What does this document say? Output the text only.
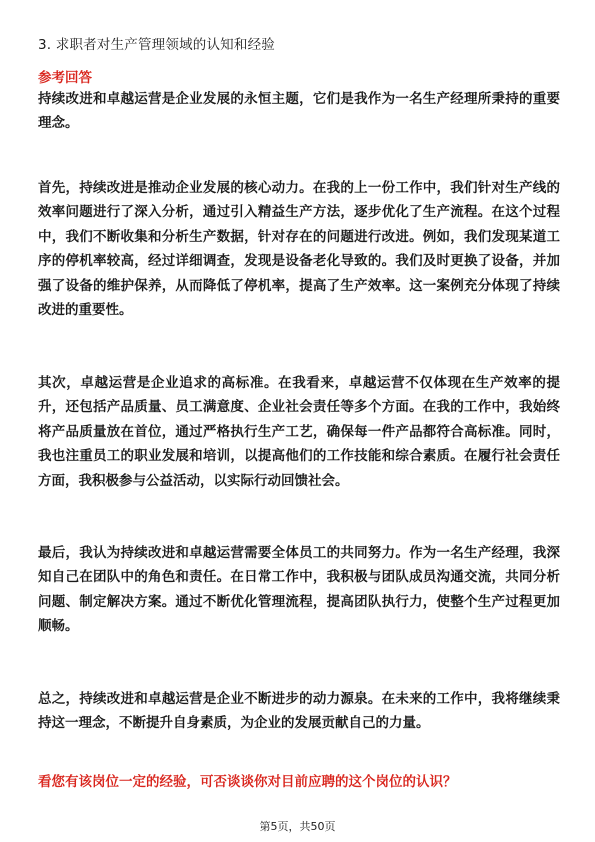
3. 求职者对生产管理领域的认知和经验
参考回答

持续改进和卓越运营是企业发展的永恒主题，它们是我作为一名生产经理所秉持的重要理念。

首先，持续改进是推动企业发展的核心动力。在我的上一份工作中，我们针对生产线的效率问题进行了深入分析，通过引入精益生产方法，逐步优化了生产流程。在这个过程中，我们不断收集和分析生产数据，针对存在的问题进行改进。例如，我们发现某道工序的停机率较高，经过详细调查，发现是设备老化导致的。我们及时更换了设备，并加强了设备的维护保养，从而降低了停机率，提高了生产效率。这一案例充分体现了持续改进的重要性。

其次，卓越运营是企业追求的高标准。在我看来，卓越运营不仅体现在生产效率的提升，还包括产品质量、员工满意度、企业社会责任等多个方面。在我的工作中，我始终将产品质量放在首位，通过严格执行生产工艺，确保每一件产品都符合高标准。同时，我也注重员工的职业发展和培训，以提高他们的工作技能和综合素质。在履行社会责任方面，我积极参与公益活动，以实际行动回馈社会。

最后，我认为持续改进和卓越运营需要全体员工的共同努力。作为一名生产经理，我深知自己在团队中的角色和责任。在日常工作中，我积极与团队成员沟通交流，共同分析问题、制定解决方案。通过不断优化管理流程，提高团队执行力，使整个生产过程更加顺畅。

总之，持续改进和卓越运营是企业不断进步的动力源泉。在未来的工作中，我将继续秉持这一理念，不断提升自身素质，为企业的发展贡献自己的力量。

看您有该岗位一定的经验，可否谈谈你对目前应聘的这个岗位的认识？
第5页，共50页
